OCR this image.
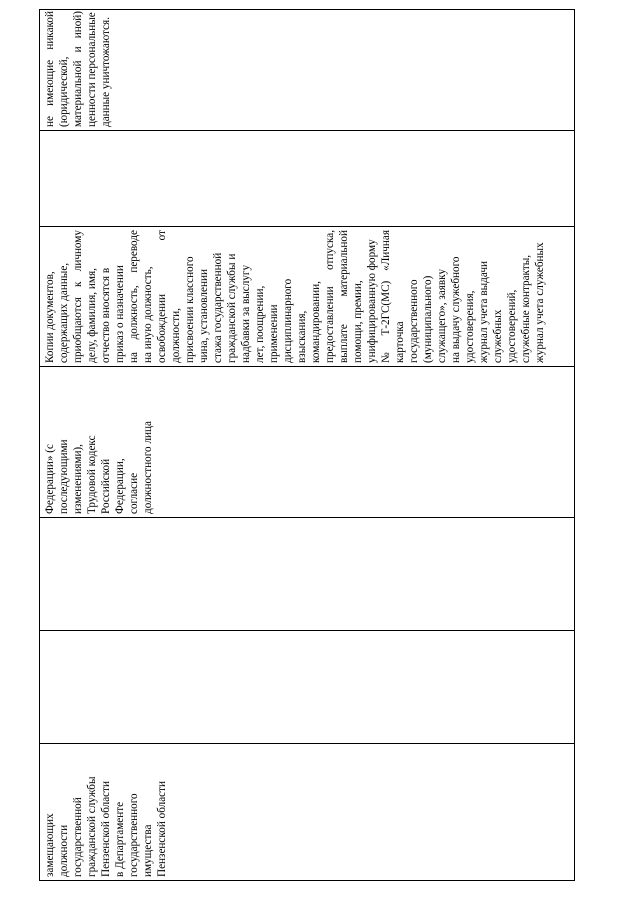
замещающих должности государственной гражданской службы Пензенской области в Департаменте государственного имущества Пензенской области
Федерации» (с последующими изменениями), Трудовой кодекс Российской Федерации, согласие должностного лица
Копии документов, содержащих данные, приобщаются к личному делу, фамилия, имя, отчество вносятся в приказ о назначении на должность, переводе на иную должность, освобождении от должности, присвоении классного чина, установлении стажа государственной гражданской службы и надбавки за выслугу лет, поощрении, применении дисциплинарного взыскания, командировании, предоставлении отпуска, выплате материальной помощи, премии, унифицированную форму № Т-2ГС(МС) «Личная карточка государственного (муниципального) служащего», заявку на выдачу служебного удостоверения, журнал учета выдачи служебных удостоверений, служебные контракты, журнал учета служебных
не имеющие никакой (юридической, материальной и иной) ценности персональные данные уничтожаются.
